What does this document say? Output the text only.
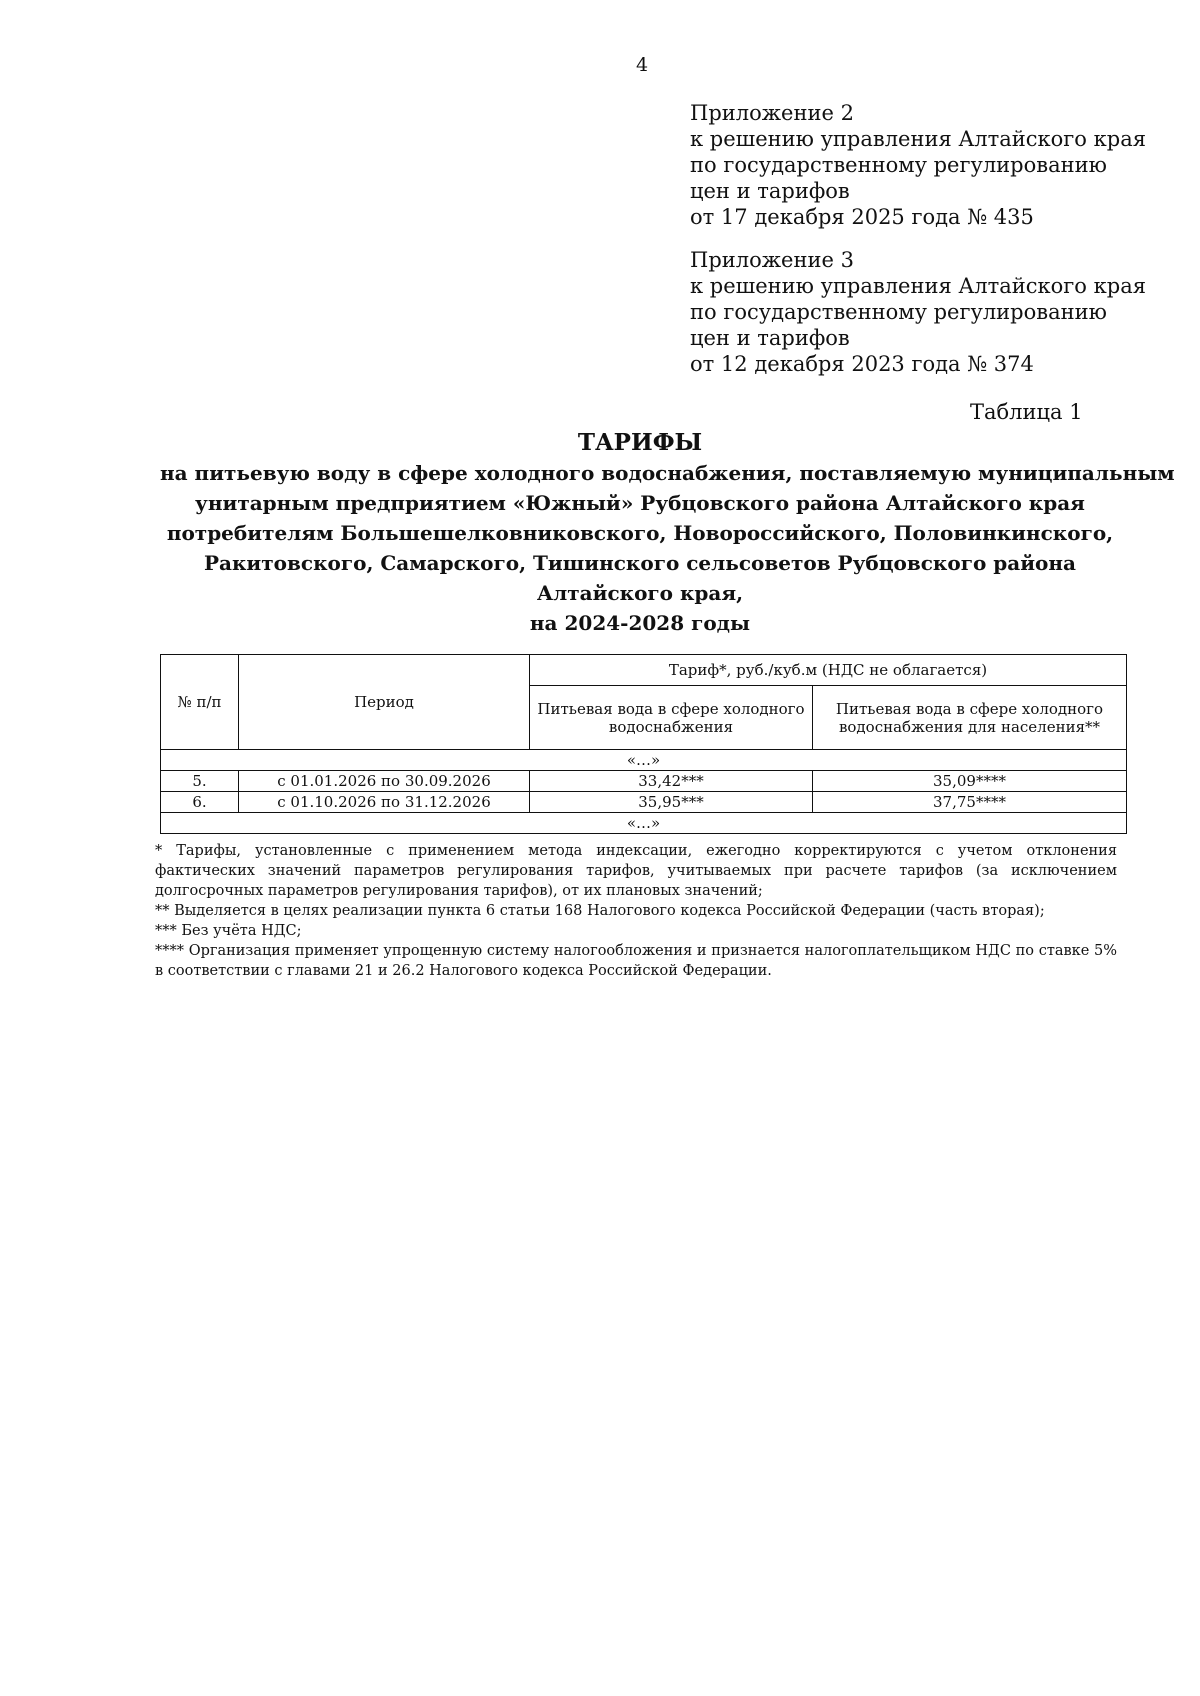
4
Приложение 2
к решению управления Алтайского края
по государственному регулированию
цен и тарифов
от 17 декабря 2025 года № 435
Приложение 3
к решению управления Алтайского края
по государственному регулированию
цен и тарифов
от 12 декабря 2023 года № 374
Таблица 1
ТАРИФЫ
на питьевую воду в сфере холодного водоснабжения, поставляемую муниципальным
унитарным предприятием «Южный» Рубцовского района Алтайского края
потребителям Большешелковниковского, Новороссийского, Половинкинского,
Ракитовского, Самарского, Тишинского сельсоветов Рубцовского района
Алтайского края,
на 2024-2028 годы
№ п/п	Период	Тариф*, руб./куб.м (НДС не облагается)	
		Питьевая вода в сфере холодного водоснабжения	Питьевая вода в сфере холодного водоснабжения для населения**
«…»			
5.	с 01.01.2026 по 30.09.2026	33,42***	35,09****
6.	с 01.10.2026 по 31.12.2026	35,95***	37,75****
«…»			

* Тарифы, установленные с применением метода индексации, ежегодно корректируются с учетом отклонения фактических значений параметров регулирования тарифов, учитываемых при расчете тарифов (за исключением долгосрочных параметров регулирования тарифов), от их плановых значений;

** Выделяется в целях реализации пункта 6 статьи 168 Налогового кодекса Российской Федерации (часть вторая);

*** Без учёта НДС;

**** Организация применяет упрощенную систему налогообложения и признается налогоплательщиком НДС по ставке 5% в соответствии с главами 21 и 26.2 Налогового кодекса Российской Федерации.
